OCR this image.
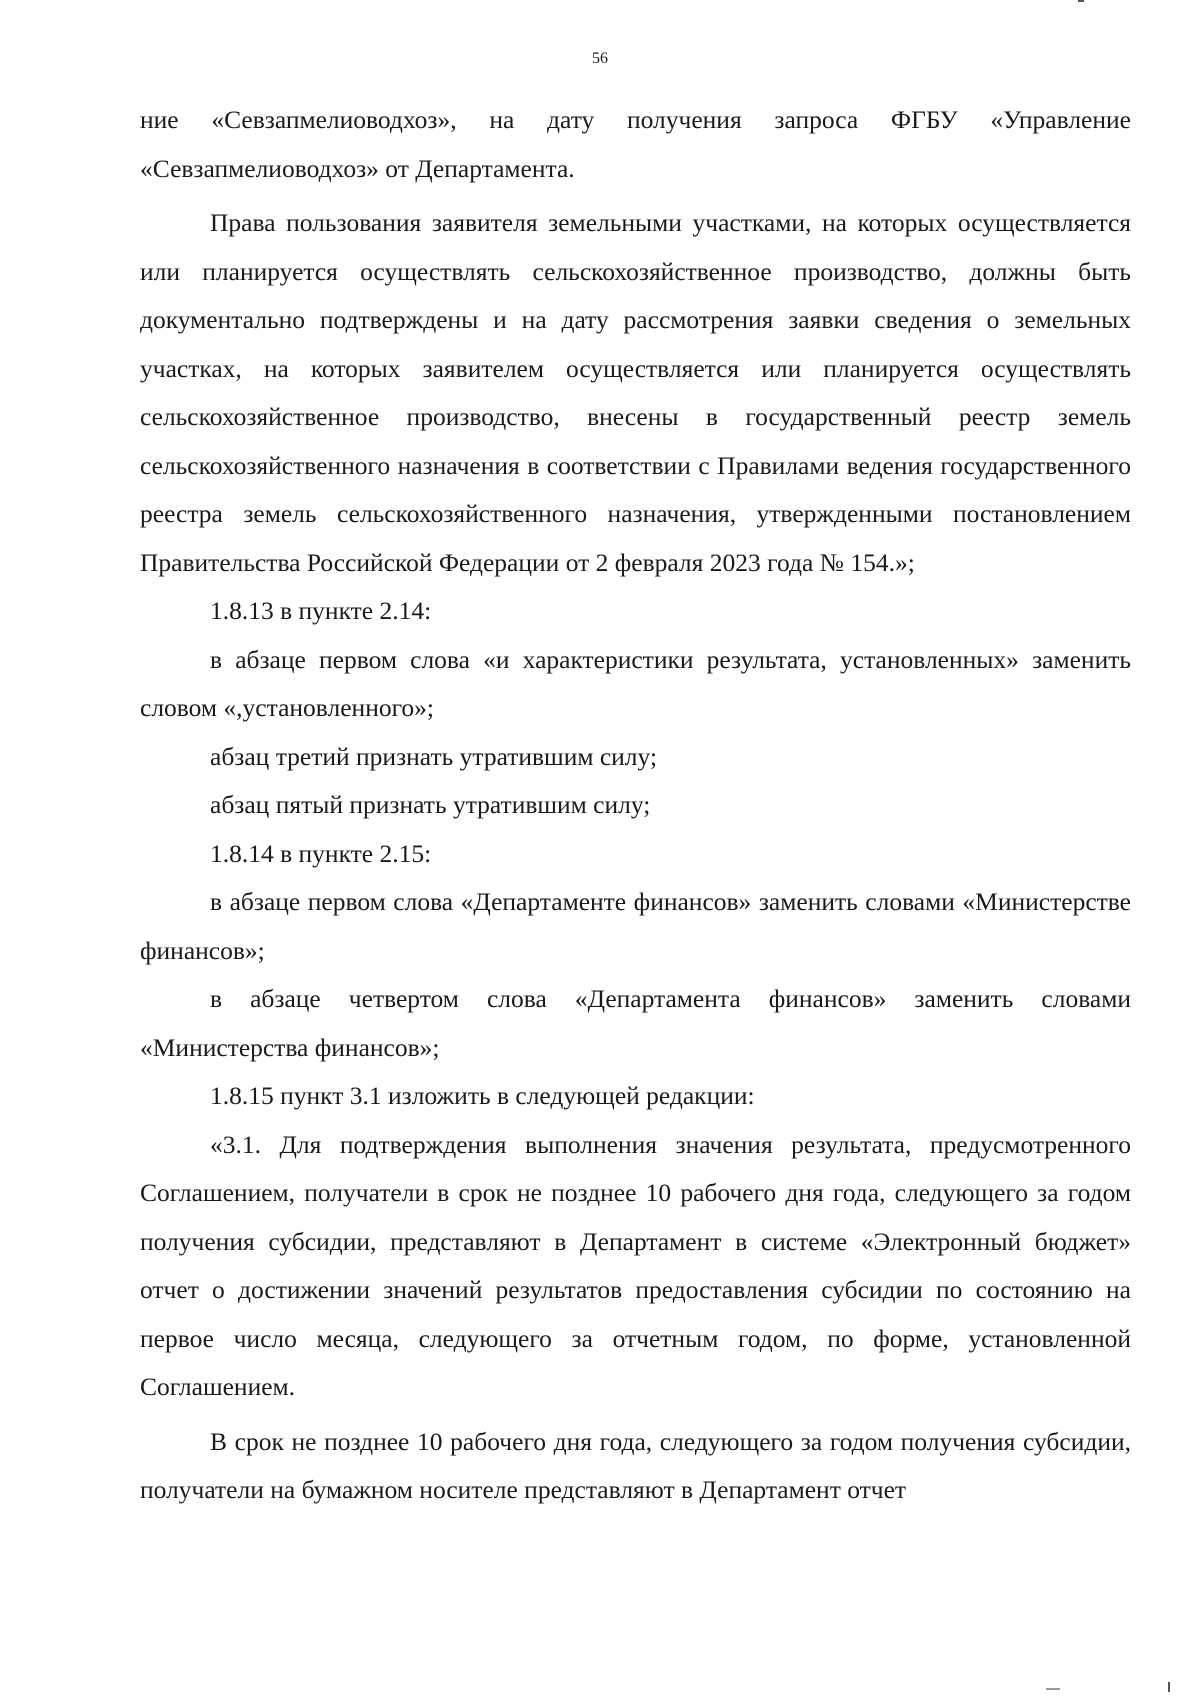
56

ние «Севзапмелиоводхоз», на дату получения запроса ФГБУ «Управление «Севзапмелиоводхоз» от Департамента.

Права пользования заявителя земельными участками, на которых осуществляется или планируется осуществлять сельскохозяйственное производство, должны быть документально подтверждены и на дату рассмотрения заявки сведения о земельных участках, на которых заявителем осуществляется или планируется осуществлять сельскохозяйственное производство, внесены в государственный реестр земель сельскохозяйственного назначения в соответствии с Правилами ведения государственного реестра земель сельскохозяйственного назначения, утвержденными постановлением Правительства Российской Федерации от 2 февраля 2023 года № 154.»;

1.8.13 в пункте 2.14:

в абзаце первом слова «и характеристики результата, установленных» заменить словом «,установленного»;

абзац третий признать утратившим силу;

абзац пятый признать утратившим силу;

1.8.14 в пункте 2.15:

в абзаце первом слова «Департаменте финансов» заменить словами «Министерстве финансов»;

в абзаце четвертом слова «Департамента финансов» заменить словами «Министерства финансов»;

1.8.15 пункт 3.1 изложить в следующей редакции:

«3.1. Для подтверждения выполнения значения результата, предусмотренного Соглашением, получатели в срок не позднее 10 рабочего дня года, следующего за годом получения субсидии, представляют в Департамент в системе «Электронный бюджет» отчет о достижении значений результатов предоставления субсидии по состоянию на первое число месяца, следующего за отчетным годом, по форме, установленной Соглашением.

В срок не позднее 10 рабочего дня года, следующего за годом получения субсидии, получатели на бумажном носителе представляют в Департамент отчет
